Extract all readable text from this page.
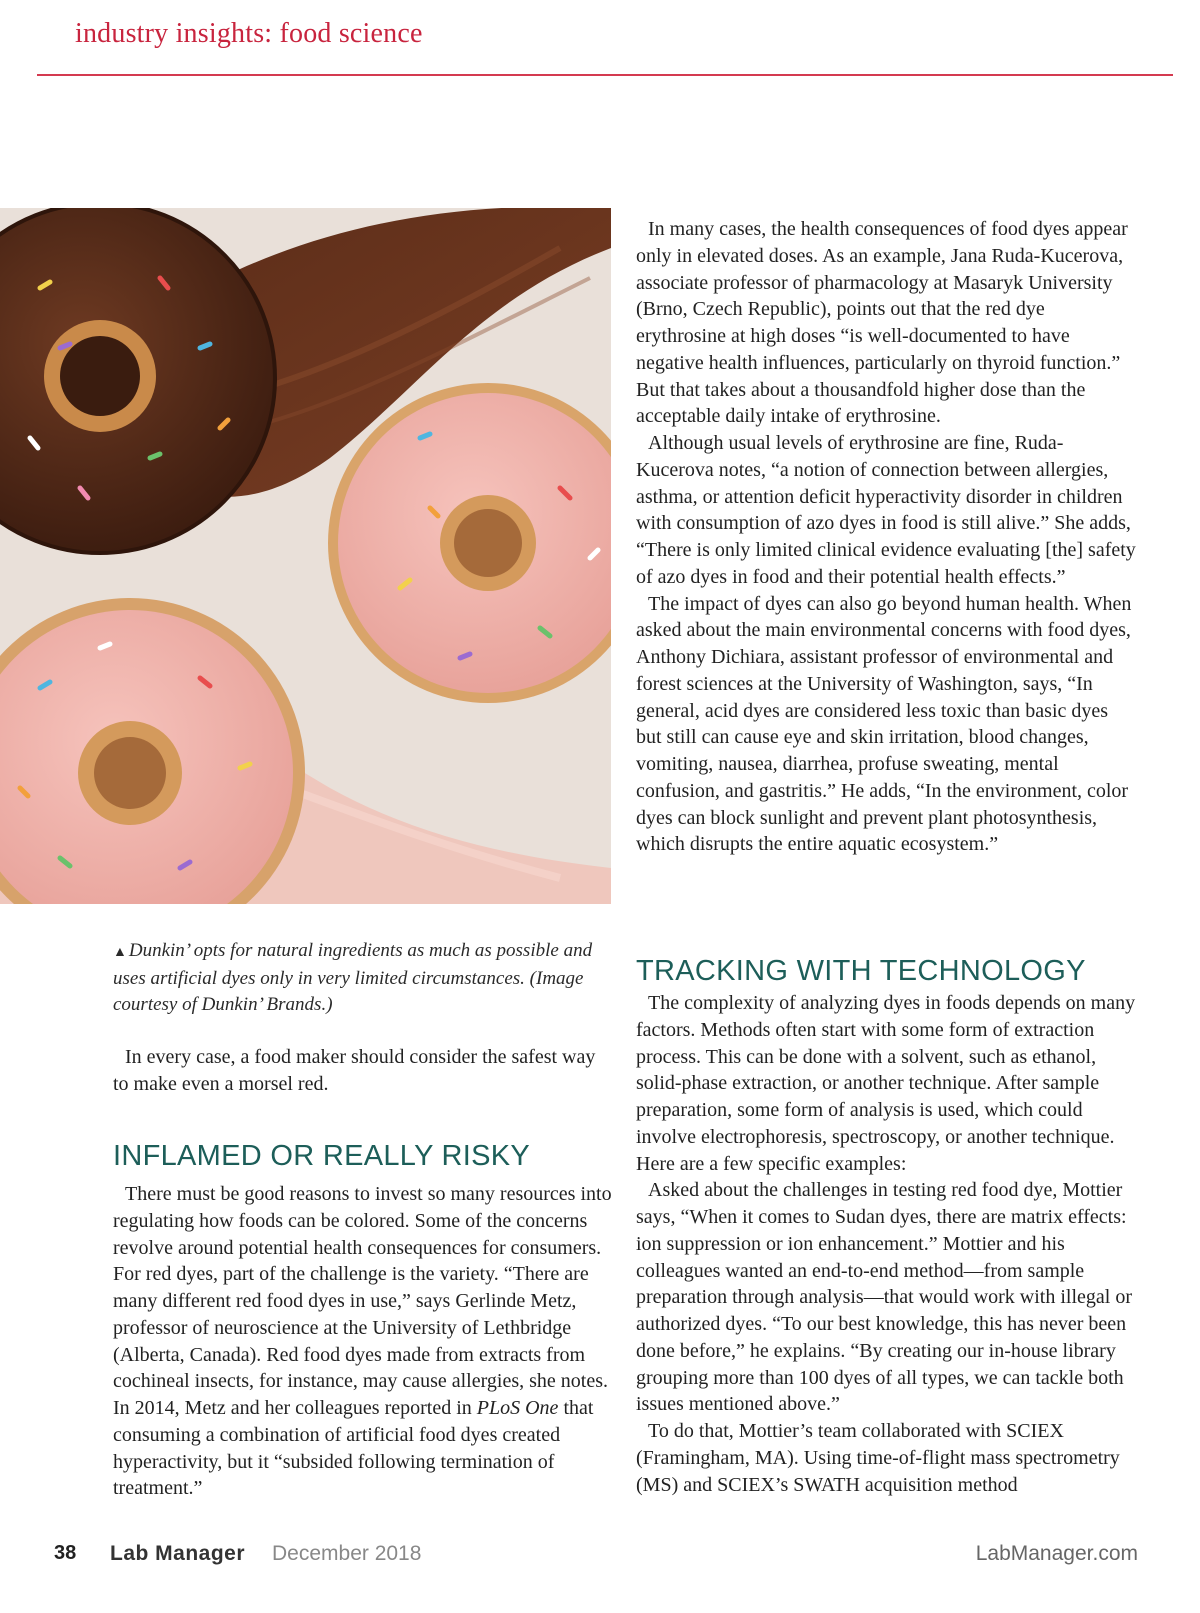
industry insights: food science
▲ Dunkin’ opts for natural ingredients as much as possible and uses artificial dyes only in very limited circumstances. (Image courtesy of Dunkin’ Brands.)

In every case, a food maker should consider the safest way to make even a morsel red.

INFLAMED OR REALLY RISKY

There must be good reasons to invest so many resources into regulating how foods can be colored. Some of the concerns revolve around potential health consequences for consumers. For red dyes, part of the challenge is the variety. “There are many different red food dyes in use,” says Gerlinde Metz, professor of neuroscience at the University of Lethbridge (Alberta, Canada). Red food dyes made from extracts from cochineal insects, for instance, may cause allergies, she notes. In 2014, Metz and her colleagues reported in PLoS One that consuming a combination of artificial food dyes created hyperactivity, but it “subsided following termination of treatment.”

In many cases, the health consequences of food dyes appear only in elevated doses. As an example, Jana Ruda-Kucerova, associate professor of pharmacology at Masaryk University (Brno, Czech Republic), points out that the red dye erythrosine at high doses “is well-documented to have negative health influences, particularly on thyroid function.” But that takes about a thousandfold higher dose than the acceptable daily intake of erythrosine.

Although usual levels of erythrosine are fine, Ruda-Kucerova notes, “a notion of connection between allergies, asthma, or attention deficit hyperactivity disorder in children with consumption of azo dyes in food is still alive.” She adds, “There is only limited clinical evidence evaluating [the] safety of azo dyes in food and their potential health effects.”

The impact of dyes can also go beyond human health. When asked about the main environmental concerns with food dyes, Anthony Dichiara, assistant professor of environmental and forest sciences at the University of Washington, says, “In general, acid dyes are considered less toxic than basic dyes but still can cause eye and skin irritation, blood changes, vomiting, nausea, diarrhea, profuse sweating, mental confusion, and gastritis.” He adds, “In the environment, color dyes can block sunlight and prevent plant photosynthesis, which disrupts the entire aquatic ecosystem.”

TRACKING WITH TECHNOLOGY

The complexity of analyzing dyes in foods depends on many factors. Methods often start with some form of extraction process. This can be done with a solvent, such as ethanol, solid-phase extraction, or another technique. After sample preparation, some form of analysis is used, which could involve electrophoresis, spectroscopy, or another technique. Here are a few specific examples:

Asked about the challenges in testing red food dye, Mottier says, “When it comes to Sudan dyes, there are matrix effects: ion suppression or ion enhancement.” Mottier and his colleagues wanted an end-to-end method—from sample preparation through analysis—that would work with illegal or authorized dyes. “To our best knowledge, this has never been done before,” he explains. “By creating our in-house library grouping more than 100 dyes of all types, we can tackle both issues mentioned above.”

To do that, Mottier’s team collaborated with SCIEX (Framingham, MA). Using time-of-flight mass spectrometry (MS) and SCIEX’s SWATH acquisition method

38 Lab Manager December 2018	LabManager.com
